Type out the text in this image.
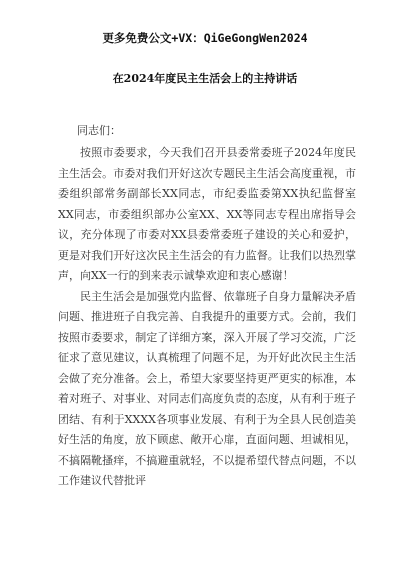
更多免费公文+VX：QiGeGongWen2024
在2024年度民主生活会上的主持讲话
同志们：

按照市委要求，今天我们召开县委常委班子2024年度民主生活会。市委对我们开好这次专题民主生活会高度重视，市委组织部常务副部长XX同志，市纪委监委第XX执纪监督室XX同志，市委组织部办公室XX、XX等同志专程出席指导会议，充分体现了市委对XX县委常委班子建设的关心和爱护，更是对我们开好这次民主生活会的有力监督。让我们以热烈掌声，向XX一行的到来表示诚挚欢迎和衷心感谢！

民主生活会是加强党内监督、依靠班子自身力量解决矛盾问题、推进班子自我完善、自我提升的重要方式。会前，我们按照市委要求，制定了详细方案，深入开展了学习交流，广泛征求了意见建议，认真梳理了问题不足，为开好此次民主生活会做了充分准备。会上，希望大家要坚持更严更实的标准，本着对班子、对事业、对同志们高度负责的态度，从有利于班子团结、有利于XXXX各项事业发展、有利于为全县人民创造美好生活的角度，放下顾虑、敞开心扉，直面问题、坦诚相见，不搞隔靴搔痒，不搞避重就轻，不以提希望代替点问题，不以工作建议代替批评
